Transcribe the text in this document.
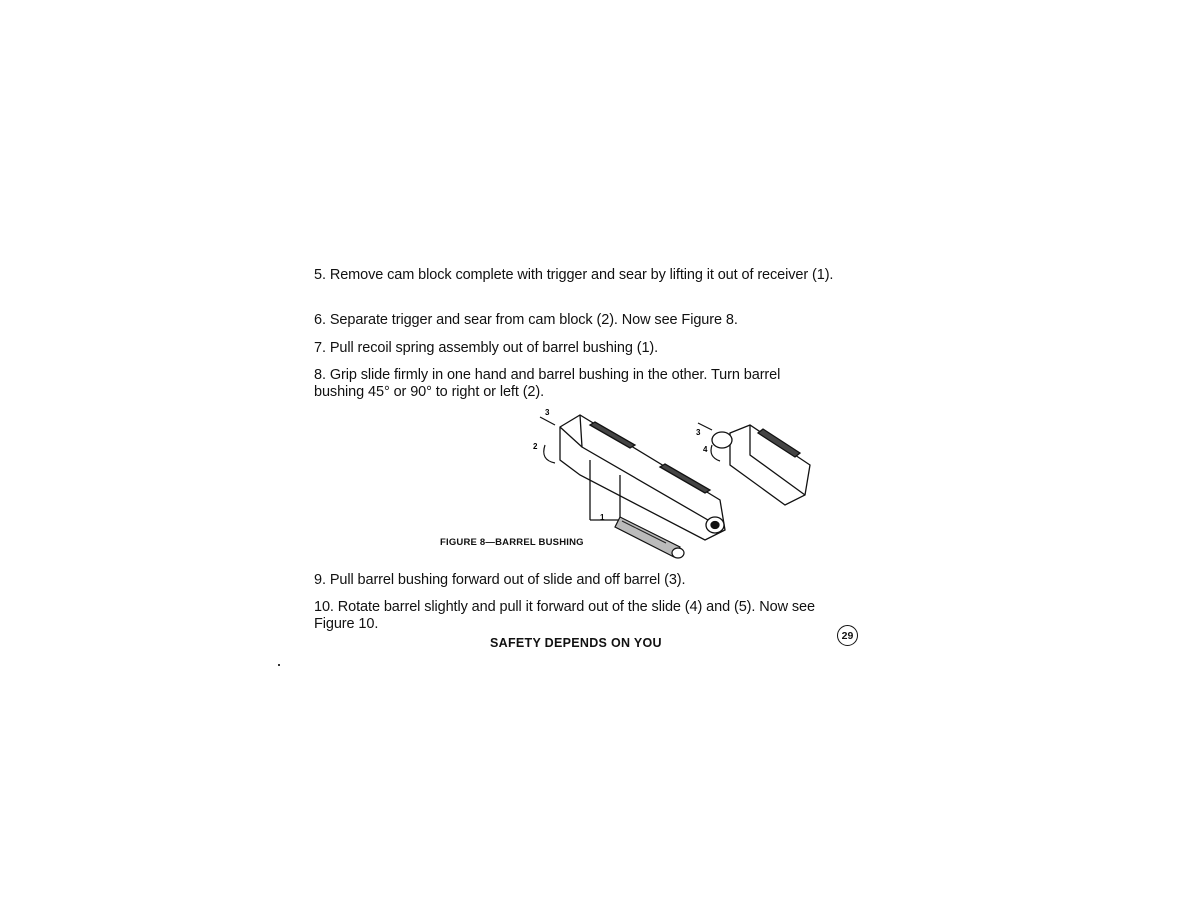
5. Remove cam block complete with trigger and sear by lifting it out of receiver (1).

6. Separate trigger and sear from cam block (2). Now see Figure 8.

7. Pull recoil spring assembly out of barrel bushing (1).

8. Grip slide firmly in one hand and barrel bushing in the other. Turn barrel bushing 45° or 90° to right or left (2).

1
2
3
3
4

FIGURE 8—BARREL BUSHING

9. Pull barrel bushing forward out of slide and off barrel (3).

10. Rotate barrel slightly and pull it forward out of the slide (4) and (5). Now see Figure 10.

SAFETY DEPENDS ON YOU

29
